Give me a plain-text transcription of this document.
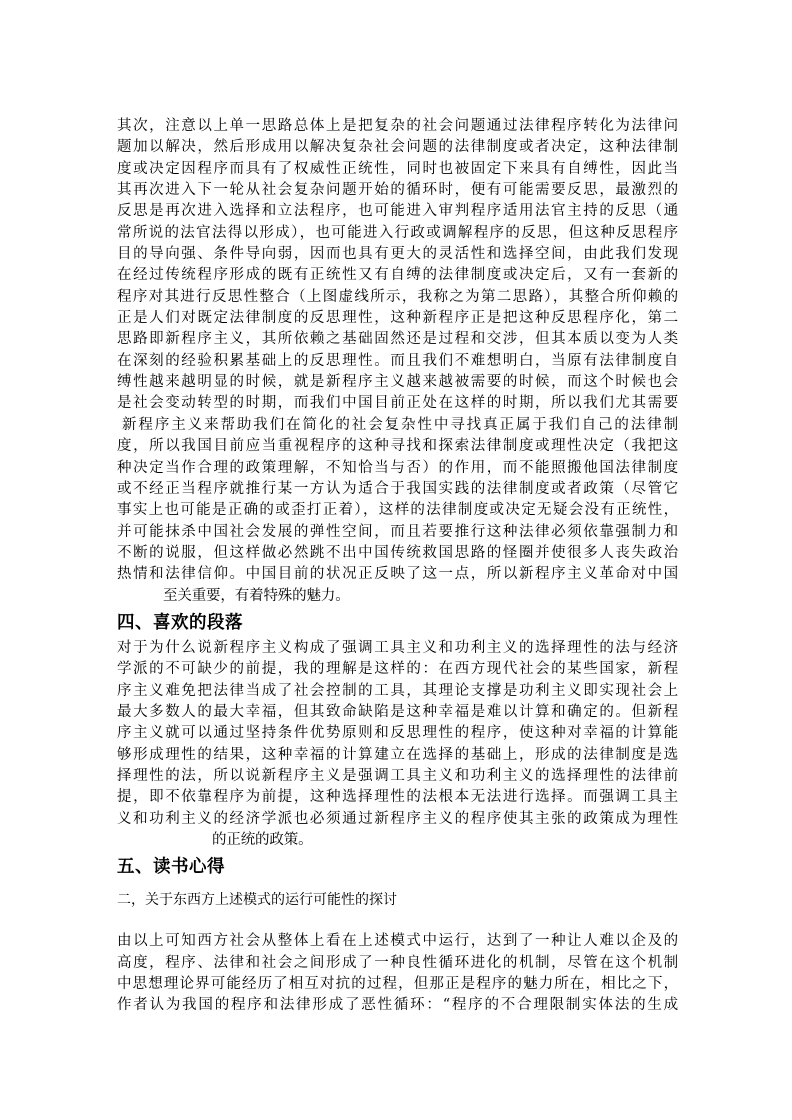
其次，注意以上单一思路总体上是把复杂的社会问题通过法律程序转化为法律问
题加以解决，然后形成用以解决复杂社会问题的法律制度或者决定，这种法律制
度或决定因程序而具有了权威性正统性，同时也被固定下来具有自缚性，因此当
其再次进入下一轮从社会复杂问题开始的循环时，便有可能需要反思，最激烈的
反思是再次进入选择和立法程序，也可能进入审判程序适用法官主持的反思（通
常所说的法官法得以形成），也可能进入行政或调解程序的反思，但这种反思程序
目的导向强、条件导向弱，因而也具有更大的灵活性和选择空间，由此我们发现
在经过传统程序形成的既有正统性又有自缚的法律制度或决定后，又有一套新的
程序对其进行反思性整合（上图虚线所示，我称之为第二思路），其整合所仰赖的
正是人们对既定法律制度的反思理性，这种新程序正是把这种反思程序化，第二
思路即新程序主义，其所依赖之基础固然还是过程和交涉，但其本质以变为人类
在深刻的经验积累基础上的反思理性。而且我们不难想明白，当原有法律制度自
缚性越来越明显的时候，就是新程序主义越来越被需要的时候，而这个时候也会
是社会变动转型的时期，而我们中国目前正处在这样的时期，所以我们尤其需要
新程序主义来帮助我们在简化的社会复杂性中寻找真正属于我们自己的法律制
度，所以我国目前应当重视程序的这种寻找和探索法律制度或理性决定（我把这
种决定当作合理的政策理解，不知恰当与否）的作用，而不能照搬他国法律制度
或不经正当程序就推行某一方认为适合于我国实践的法律制度或者政策（尽管它
事实上也可能是正确的或歪打正着），这样的法律制度或决定无疑会没有正统性，
并可能抹杀中国社会发展的弹性空间，而且若要推行这种法律必须依靠强制力和
不断的说服，但这样做必然跳不出中国传统救国思路的怪圈并使很多人丧失政治
热情和法律信仰。中国目前的状况正反映了这一点，所以新程序主义革命对中国
至关重要，有着特殊的魅力。
四、喜欢的段落
对于为什么说新程序主义构成了强调工具主义和功利主义的选择理性的法与经济
学派的不可缺少的前提，我的理解是这样的：在西方现代社会的某些国家，新程
序主义难免把法律当成了社会控制的工具，其理论支撑是功利主义即实现社会上
最大多数人的最大幸福，但其致命缺陷是这种幸福是难以计算和确定的。但新程
序主义就可以通过坚持条件优势原则和反思理性的程序，使这种对幸福的计算能
够形成理性的结果，这种幸福的计算建立在选择的基础上，形成的法律制度是选
择理性的法，所以说新程序主义是强调工具主义和功利主义的选择理性的法律前
提，即不依靠程序为前提，这种选择理性的法根本无法进行选择。而强调工具主
义和功利主义的经济学派也必须通过新程序主义的程序使其主张的政策成为理性
的正统的政策。
五、读书心得
二，关于东西方上述模式的运行可能性的探讨
由以上可知西方社会从整体上看在上述模式中运行，达到了一种让人难以企及的
高度，程序、法律和社会之间形成了一种良性循环进化的机制，尽管在这个机制
中思想理论界可能经历了相互对抗的过程，但那正是程序的魅力所在，相比之下，
作者认为我国的程序和法律形成了恶性循环：“程序的不合理限制实体法的生成
